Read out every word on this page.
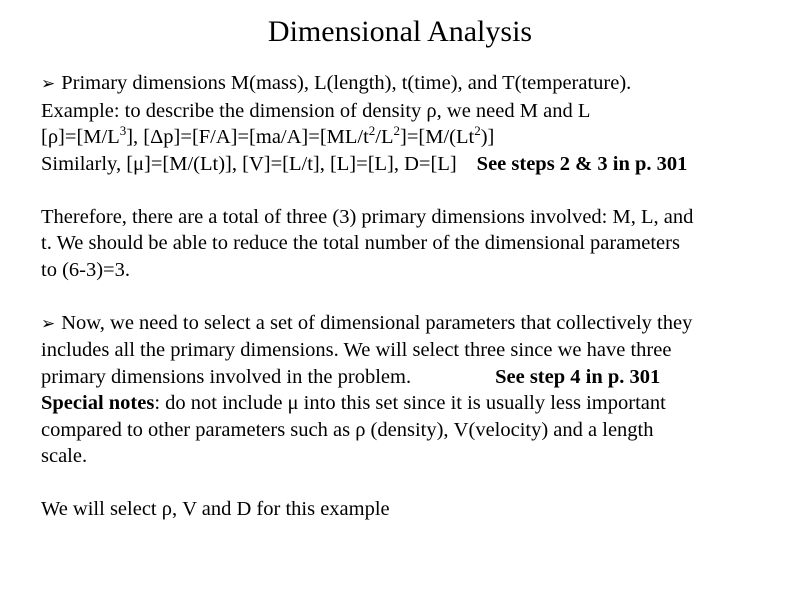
Dimensional Analysis
➢ Primary dimensions M(mass), L(length), t(time), and T(temperature).
Example: to describe the dimension of density ρ, we need M and L
$[\rho]=[M/L^3]$, $[\Delta p]=[F/A]=[ma/A]=[ML/t^2/L^2]=[M/(Lt^2)]$
Similarly, [μ]=[M/(Lt)], [V]=[L/t], [L]=[L], D=[L] See steps 2 & 3 in p. 301
Therefore, there are a total of three (3) primary dimensions involved: M, L, and
t. We should be able to reduce the total number of the dimensional parameters
to (6-3)=3.
➢ Now, we need to select a set of dimensional parameters that collectively they
includes all the primary dimensions. We will select three since we have three
primary dimensions involved in the problem.	See step 4 in p. 301
Special notes: do not include μ into this set since it is usually less important
compared to other parameters such as ρ (density), V(velocity) and a length
scale.
We will select ρ, V and D for this example
